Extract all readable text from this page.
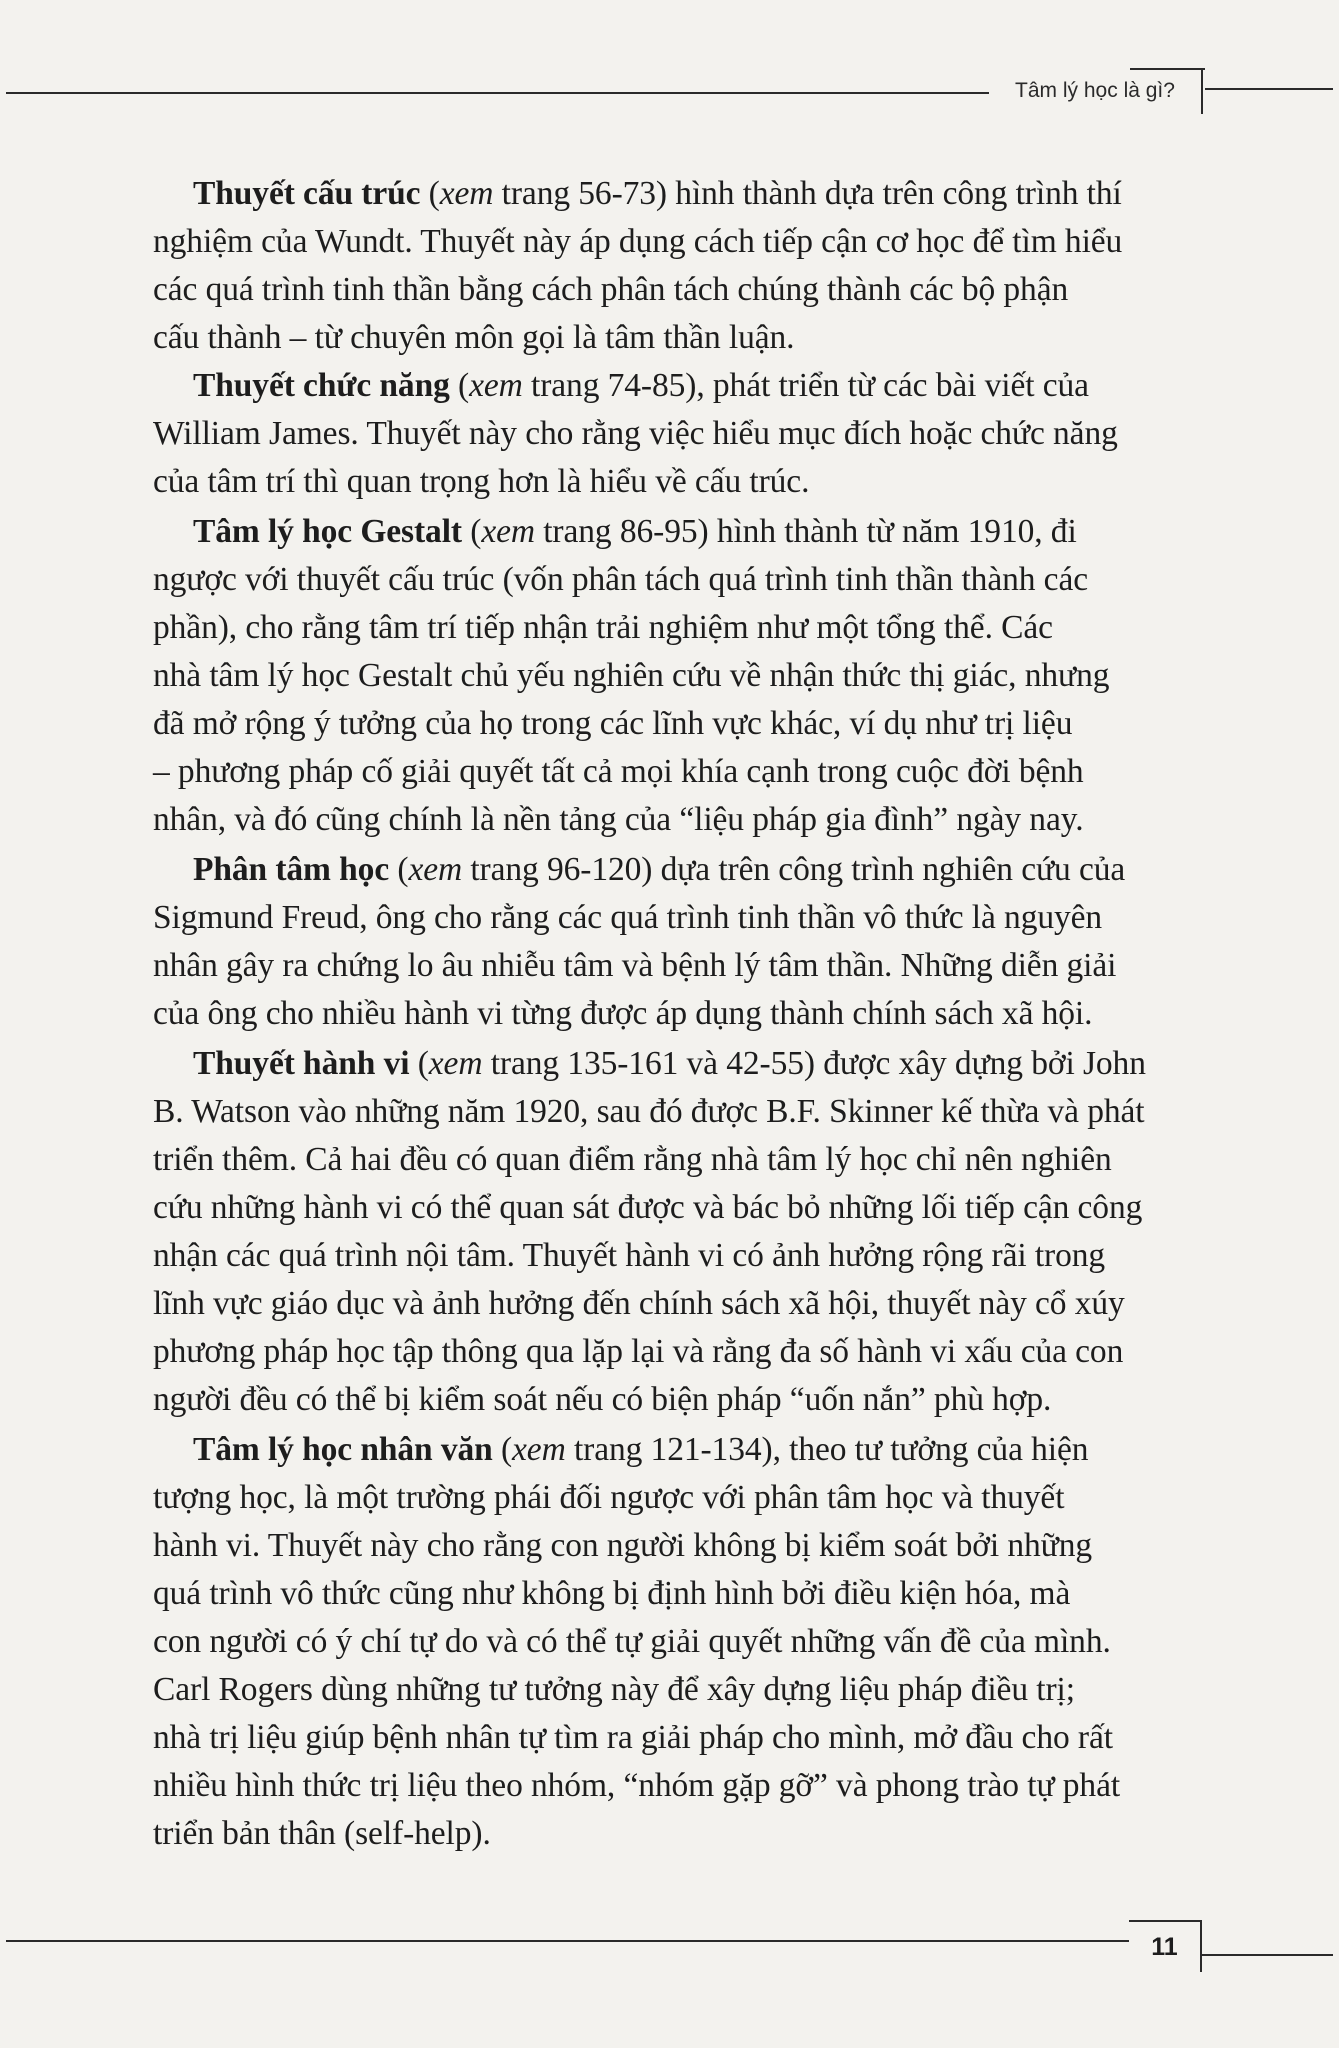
Tâm lý học là gì?
Thuyết cấu trúc (xem trang 56-73) hình thành dựa trên công trình thí
nghiệm của Wundt. Thuyết này áp dụng cách tiếp cận cơ học để tìm hiểu
các quá trình tinh thần bằng cách phân tách chúng thành các bộ phận
cấu thành – từ chuyên môn gọi là tâm thần luận.
Thuyết chức năng (xem trang 74-85), phát triển từ các bài viết của
William James. Thuyết này cho rằng việc hiểu mục đích hoặc chức năng
của tâm trí thì quan trọng hơn là hiểu về cấu trúc.
Tâm lý học Gestalt (xem trang 86-95) hình thành từ năm 1910, đi
ngược với thuyết cấu trúc (vốn phân tách quá trình tinh thần thành các
phần), cho rằng tâm trí tiếp nhận trải nghiệm như một tổng thể. Các
nhà tâm lý học Gestalt chủ yếu nghiên cứu về nhận thức thị giác, nhưng
đã mở rộng ý tưởng của họ trong các lĩnh vực khác, ví dụ như trị liệu
– phương pháp cố giải quyết tất cả mọi khía cạnh trong cuộc đời bệnh
nhân, và đó cũng chính là nền tảng của “liệu pháp gia đình” ngày nay.
Phân tâm học (xem trang 96-120) dựa trên công trình nghiên cứu của
Sigmund Freud, ông cho rằng các quá trình tinh thần vô thức là nguyên
nhân gây ra chứng lo âu nhiễu tâm và bệnh lý tâm thần. Những diễn giải
của ông cho nhiều hành vi từng được áp dụng thành chính sách xã hội.
Thuyết hành vi (xem trang 135-161 và 42-55) được xây dựng bởi John
B. Watson vào những năm 1920, sau đó được B.F. Skinner kế thừa và phát
triển thêm. Cả hai đều có quan điểm rằng nhà tâm lý học chỉ nên nghiên
cứu những hành vi có thể quan sát được và bác bỏ những lối tiếp cận công
nhận các quá trình nội tâm. Thuyết hành vi có ảnh hưởng rộng rãi trong
lĩnh vực giáo dục và ảnh hưởng đến chính sách xã hội, thuyết này cổ xúy
phương pháp học tập thông qua lặp lại và rằng đa số hành vi xấu của con
người đều có thể bị kiểm soát nếu có biện pháp “uốn nắn” phù hợp.
Tâm lý học nhân văn (xem trang 121-134), theo tư tưởng của hiện
tượng học, là một trường phái đối ngược với phân tâm học và thuyết
hành vi. Thuyết này cho rằng con người không bị kiểm soát bởi những
quá trình vô thức cũng như không bị định hình bởi điều kiện hóa, mà
con người có ý chí tự do và có thể tự giải quyết những vấn đề của mình.
Carl Rogers dùng những tư tưởng này để xây dựng liệu pháp điều trị;
nhà trị liệu giúp bệnh nhân tự tìm ra giải pháp cho mình, mở đầu cho rất
nhiều hình thức trị liệu theo nhóm, “nhóm gặp gỡ” và phong trào tự phát
triển bản thân (self-help).
11
